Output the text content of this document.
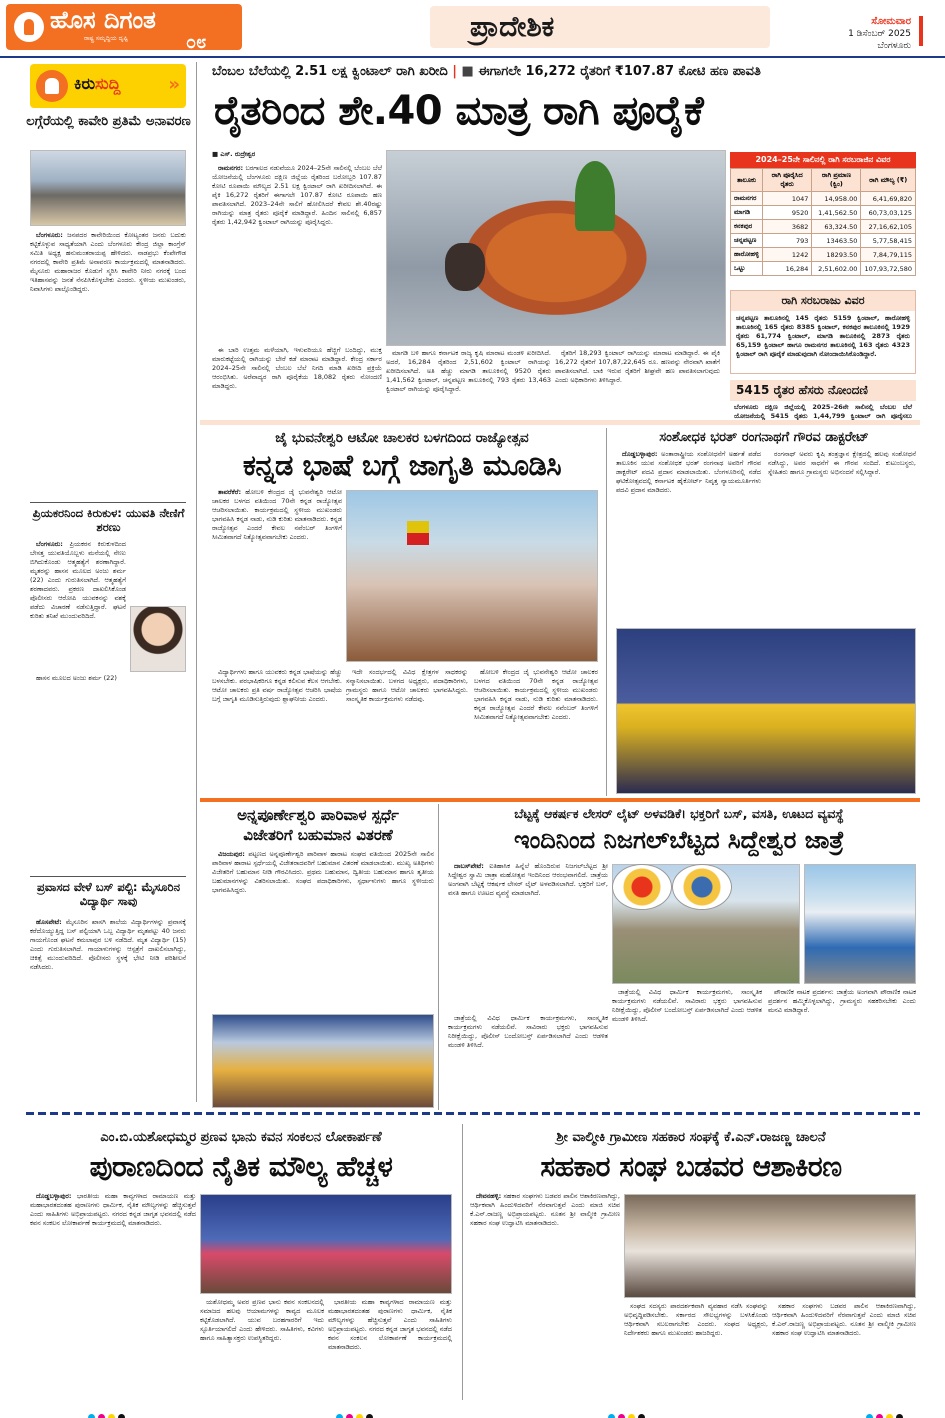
ಹೊಸ ದಿಗಂತ
ರಾಷ್ಟ್ರ ಸಮೃದ್ಧಿಯ ದೃಷ್ಟಿ	೦೮	ಪ್ರಾದೇಶಿಕ	ಸೋಮವಾರ
1 ಡಿಸೆಂಬರ್ 2025
ಬೆಂಗಳೂರು
ಕಿರುಸುದ್ದಿ	»
ಲಗ್ಗೆರೆಯಲ್ಲಿ ಕಾವೇರಿ ಪ್ರತಿಮೆ ಅನಾವರಣ

ಬೆಂಗಳೂರು: ಜನಪದರ ಕಾವೇರಿಯಿಂದ ಕೋಟ್ಯಂತರ ಜನರು ಬದುಕು ಕಟ್ಟಿಕೊಳ್ಳುವ ಸಾಧ್ಯತೆಯಾಗಿ ಎಂದು ಬೆಂಗಳೂರು ಕೇಂದ್ರ ಜಿಲ್ಲಾ ಕಾಂಗ್ರೆಸ್ ಸಮಿತಿ ಅಧ್ಯಕ್ಷ ಹನುಮಂತರಾಯಪ್ಪ ಹೇಳಿದರು. ನಾಡಪ್ರಭು ಕೆಂಪೇಗೌಡ ನಗರದಲ್ಲಿ ಕಾವೇರಿ ಪ್ರತಿಮೆ ಅನಾವರಣ ಕಾರ್ಯಕ್ರಮದಲ್ಲಿ ಮಾತನಾಡಿದರು. ಮೈಸೂರು ಮಹಾರಾಜರ ಕೊಡುಗೆ ಸ್ಮರಿಸಿ ಕಾವೇರಿ ನೀರು ನಗರಕ್ಕೆ ಬಂದ ಇತಿಹಾಸವನ್ನು ಜನತೆ ನೆನಪಿಸಿಕೊಳ್ಳಬೇಕು ಎಂದರು. ಸ್ಥಳೀಯ ಮುಖಂಡರು, ನಿವಾಸಿಗಳು ಪಾಲ್ಗೊಂಡಿದ್ದರು.

ಪ್ರಿಯಕರನಿಂದ ಕಿರುಕುಳ: ಯುವತಿ ನೇಣಿಗೆ ಶರಣು

ಬೆಂಗಳೂರು: ಪ್ರಿಯಕರನ ಕಿರುಕುಳದಿಂದ ಬೇಸತ್ತ ಯುವತಿಯೊಬ್ಬಳು ಮನೆಯಲ್ಲಿ ನೇಣು ಬಿಗಿದುಕೊಂಡು ಆತ್ಮಹತ್ಯೆಗೆ ಶರಣಾಗಿದ್ದಾರೆ. ಮೃತರನ್ನು ಹಾಸನ ಮೂಲದ ಅಂಜು ಶರ್ಮ (22) ಎಂದು ಗುರುತಿಸಲಾಗಿದೆ. ಆತ್ಮಹತ್ಯೆಗೆ ಶರಣಾದವರು. ಪ್ರಕರಣ ದಾಖಲಿಸಿಕೊಂಡ ಪೊಲೀಸರು ಆರೋಪಿ ಯುವಕನನ್ನು ವಶಕ್ಕೆ ಪಡೆದು ವಿಚಾರಣೆ ನಡೆಸುತ್ತಿದ್ದಾರೆ. ಘಟನೆ ಕುರಿತು ತನಿಖೆ ಮುಂದುವರಿದಿದೆ.

ಹಾಸನ ಮೂಲದ ಅಂಜು ಶರ್ಮ (22)

ಪ್ರವಾಸದ ವೇಳೆ ಬಸ್ ಪಲ್ಟಿ: ಮೈಸೂರಿನ ವಿದ್ಯಾರ್ಥಿ ಸಾವು

ಹೊಸಪೇಟೆ: ಮೈಸೂರಿನ ಖಾಸಗಿ ಶಾಲೆಯ ವಿದ್ಯಾರ್ಥಿಗಳನ್ನು ಪ್ರವಾಸಕ್ಕೆ ಕರೆದೊಯ್ಯುತ್ತಿದ್ದ ಬಸ್ ಪಲ್ಟಿಯಾಗಿ ಒಬ್ಬ ವಿದ್ಯಾರ್ಥಿ ಮೃತಪಟ್ಟು 40 ಜನರು ಗಾಯಗೊಂಡ ಘಟನೆ ಕಮಲಾಪುರ ಬಳಿ ನಡೆದಿದೆ. ಮೃತ ವಿದ್ಯಾರ್ಥಿ (15) ಎಂದು ಗುರುತಿಸಲಾಗಿದೆ. ಗಾಯಾಳುಗಳನ್ನು ಆಸ್ಪತ್ರೆಗೆ ದಾಖಲಿಸಲಾಗಿದ್ದು, ಚಿಕಿತ್ಸೆ ಮುಂದುವರಿದಿದೆ. ಪೊಲೀಸರು ಸ್ಥಳಕ್ಕೆ ಭೇಟಿ ನೀಡಿ ಪರಿಶೀಲನೆ ನಡೆಸಿದರು.

ಬೆಂಬಲ ಬೆಲೆಯಲ್ಲಿ 2.51 ಲಕ್ಷ ಕ್ವಿಂಟಾಲ್ ರಾಗಿ ಖರೀದಿ | ■ ಈಗಾಗಲೇ 16,272 ರೈತರಿಗೆ ₹107.87 ಕೋಟಿ ಹಣ ಪಾವತಿ
ರೈತರಿಂದ ಶೇ.40 ಮಾತ್ರ ರಾಗಿ ಪೂರೈಕೆ
■ ಎಸ್. ರುದ್ರೇಶ್ವರ

ರಾಮನಗರ: ಬರಗಾಲದ ನಡುವೆಯೂ 2024–25ನೇ ಸಾಲಿನಲ್ಲಿ ಬೆಂಬಲ ಬೆಲೆ ಯೋಜನೆಯಲ್ಲಿ ಬೆಂಗಳೂರು ದಕ್ಷಿಣ ಜಿಲ್ಲೆಯ ರೈತರಿಂದ ಬರೋಬ್ಬರಿ 107.87 ಕೋಟಿ ರೂಪಾಯಿ ಮೌಲ್ಯದ 2.51 ಲಕ್ಷ ಕ್ವಿಂಟಾಲ್ ರಾಗಿ ಖರೀದಿಸಲಾಗಿದೆ. ಈ ಪೈಕಿ 16,272 ರೈತರಿಗೆ ಈಗಾಗಲೇ 107.87 ಕೋಟಿ ರೂಪಾಯಿ ಹಣ ಪಾವತಿಸಲಾಗಿದೆ. 2023–24ನೇ ಸಾಲಿಗೆ ಹೋಲಿಸಿದರೆ ಕೇವಲ ಶೇ.40ರಷ್ಟು ರಾಗಿಯನ್ನು ಮಾತ್ರ ರೈತರು ಪೂರೈಕೆ ಮಾಡಿದ್ದಾರೆ. ಹಿಂದಿನ ಸಾಲಿನಲ್ಲಿ 6,857 ರೈತರು 1,42,942 ಕ್ವಿಂಟಾಲ್ ರಾಗಿಯನ್ನು ಪೂರೈಸಿದ್ದರು.

ಈ ಬಾರಿ ಉತ್ತಮ ಮಳೆಯಾಗಿ, ಇಳುವರಿಯೂ ಹೆಚ್ಚಿಗೆ ಬಂದಿದ್ದು, ಮುಕ್ತ ಮಾರುಕಟ್ಟೆಯಲ್ಲಿ ರಾಗಿಯನ್ನು ಬೇರೆ ಕಡೆ ಮಾರಾಟ ಮಾಡಿದ್ದಾರೆ. ಕೇಂದ್ರ ಸರ್ಕಾರ 2024–25ನೇ ಸಾಲಿನಲ್ಲಿ ಬೆಂಬಲ ಬೆಲೆ ನಿಗದಿ ಮಾಡಿ ಖರೀದಿ ಪ್ರಕ್ರಿಯೆ ಆರಂಭಿಸಿತು. ಅರೆವಾದ್ಯರ ರಾಗಿ ಪೂರೈಕೆಯ 18,082 ರೈತರು ನೋಂದಣಿ ಮಾಡಿದ್ದರು.

ಮಾಗಡಿ ಬಳಿ ಹಾಗೂ ಕರ್ನಾಟಕ ರಾಜ್ಯ ಕೃಷಿ ಮಾರಾಟ ಮಂಡಳಿ ಖರೀದಿಸಿದೆ. ಅದರೆ, 16,284 ರೈತರಿಂದ 2,51,602 ಕ್ವಿಂಟಾಲ್ ರಾಗಿಯನ್ನು ಖರೀದಿಸಲಾಗಿದೆ. ಅತಿ ಹೆಚ್ಚು ಮಾಗಡಿ ತಾಲೂಕಿನಲ್ಲಿ 9520 ರೈತರು 1,41,562 ಕ್ವಿಂಟಾಲ್, ಚನ್ನಪಟ್ಟಣ ತಾಲೂಕಿನಲ್ಲಿ 793 ರೈತರು 13,463 ಕ್ವಿಂಟಾಲ್ ರಾಗಿಯನ್ನು ಪೂರೈಸಿದ್ದಾರೆ.

ರೈತರಿಗೆ 18,293 ಕ್ವಿಂಟಾಲ್ ರಾಗಿಯನ್ನು ಮಾರಾಟ ಮಾಡಿದ್ದಾರೆ. ಈ ಪೈಕಿ 16,272 ರೈತರಿಗೆ 107,87,22,645 ರೂ. ಹಣವನ್ನು ನೇರವಾಗಿ ಖಾತೆಗೆ ಪಾವತಿಸಲಾಗಿದೆ. ಬಾಕಿ ಇರುವ ರೈತರಿಗೆ ಶೀಘ್ರವೇ ಹಣ ಪಾವತಿಸಲಾಗುವುದು ಎಂದು ಅಧಿಕಾರಿಗಳು ತಿಳಿಸಿದ್ದಾರೆ.

2024–25ನೇ ಸಾಲಿನಲ್ಲಿ ರಾಗಿ ಸರಬರಾಜಿನ ವಿವರ
ತಾಲೂಕು	ರಾಗಿ ಪೂರೈಸಿದ ರೈತರು	ರಾಗಿ ಪ್ರಮಾಣ (ಕ್ವಿಂ)	ರಾಗಿ ಮೌಲ್ಯ (₹)
ರಾಮನಗರ	1047	14,958.00	6,41,69,820
ಮಾಗಡಿ	9520	1,41,562.50	60,73,03,125
ಕನಕಪುರ	3682	63,324.50	27,16,62,105
ಚನ್ನಪಟ್ಟಣ	793	13463.50	5,77,58,415
ಹಾರೋಹಳ್ಳಿ	1242	18293.50	7,84,79,115
ಒಟ್ಟು	16,284	2,51,602.00	107,93,72,580
ರಾಗಿ ಸರಬರಾಜು ವಿವರ
ಚನ್ನಪಟ್ಟಣ ತಾಲೂಕಿನಲ್ಲಿ 145 ರೈತರು 5159 ಕ್ವಿಂಟಾಲ್, ಹಾರೋಹಳ್ಳಿ ತಾಲೂಕಿನಲ್ಲಿ 165 ರೈತರು 8385 ಕ್ವಿಂಟಾಲ್, ಕನಕಪುರ ತಾಲೂಕಿನಲ್ಲಿ 1929 ರೈತರು 61,774 ಕ್ವಿಂಟಾಲ್, ಮಾಗಡಿ ತಾಲೂಕಿನಲ್ಲಿ 2873 ರೈತರು 65,159 ಕ್ವಿಂಟಾಲ್ ಹಾಗೂ ರಾಮನಗರ ತಾಲೂಕಿನಲ್ಲಿ 163 ರೈತರು 4323 ಕ್ವಿಂಟಾಲ್ ರಾಗಿ ಪೂರೈಕೆ ಮಾಡುವುದಾಗಿ ನೋಂದಾಯಿಸಿಕೊಂಡಿದ್ದಾರೆ.
5415 ರೈತರ ಹೆಸರು ನೋಂದಣಿ
ಬೆಂಗಳೂರು ದಕ್ಷಿಣ ಜಿಲ್ಲೆಯಲ್ಲಿ 2025–26ನೇ ಸಾಲಿನಲ್ಲಿ ಬೆಂಬಲ ಬೆಲೆ ಯೋಜನೆಯಲ್ಲಿ 5415 ರೈತರು 1,44,799 ಕ್ವಿಂಟಾಲ್ ರಾಗಿ ಪೂರೈಸಲು
ಜೈ ಭುವನೇಶ್ವರಿ ಆಟೋ ಚಾಲಕರ ಬಳಗದಿಂದ ರಾಜ್ಯೋತ್ಸವ
ಕನ್ನಡ ಭಾಷೆ ಬಗ್ಗೆ ಜಾಗೃತಿ ಮೂಡಿಸಿ

ತಾವರೆಕೆರೆ: ಹೋಬಳಿ ಕೇಂದ್ರದ ಜೈ ಭುವನೇಶ್ವರಿ ಆಟೋ ಚಾಲಕರ ಬಳಗದ ವತಿಯಿಂದ 70ನೇ ಕನ್ನಡ ರಾಜ್ಯೋತ್ಸವ ಆಚರಿಸಲಾಯಿತು. ಕಾರ್ಯಕ್ರಮದಲ್ಲಿ ಸ್ಥಳೀಯ ಮುಖಂಡರು ಭಾಗವಹಿಸಿ ಕನ್ನಡ ನಾಡು, ನುಡಿ ಕುರಿತು ಮಾತನಾಡಿದರು. ಕನ್ನಡ ರಾಜ್ಯೋತ್ಸವ ಎಂದರೆ ಕೇವಲ ನವೆಂಬರ್ ತಿಂಗಳಿಗೆ ಸೀಮಿತವಾಗದೆ ನಿತ್ಯೋತ್ಸವವಾಗಬೇಕು ಎಂದರು.

ವಿದ್ಯಾರ್ಥಿಗಳು ಹಾಗೂ ಯುವಕರು ಕನ್ನಡ ಭಾಷೆಯನ್ನು ಹೆಚ್ಚು ಬಳಸಬೇಕು. ಪರಭಾಷಿಕರಿಗೂ ಕನ್ನಡ ಕಲಿಸುವ ಕೆಲಸ ಆಗಬೇಕು. ಆಟೋ ಚಾಲಕರು ಪ್ರತಿ ವರ್ಷ ರಾಜ್ಯೋತ್ಸವ ಆಚರಿಸಿ ಭಾಷೆಯ ಬಗ್ಗೆ ಜಾಗೃತಿ ಮೂಡಿಸುತ್ತಿರುವುದು ಶ್ಲಾಘನೀಯ ಎಂದರು.

ಇದೇ ಸಂದರ್ಭದಲ್ಲಿ ವಿವಿಧ ಕ್ಷೇತ್ರಗಳ ಸಾಧಕರನ್ನು ಸನ್ಮಾನಿಸಲಾಯಿತು. ಬಳಗದ ಅಧ್ಯಕ್ಷರು, ಪದಾಧಿಕಾರಿಗಳು, ಗ್ರಾಮಸ್ಥರು ಹಾಗೂ ಆಟೋ ಚಾಲಕರು ಭಾಗವಹಿಸಿದ್ದರು. ಸಾಂಸ್ಕೃತಿಕ ಕಾರ್ಯಕ್ರಮಗಳು ನಡೆದವು.

ಹೋಬಳಿ ಕೇಂದ್ರದ ಜೈ ಭುವನೇಶ್ವರಿ ಆಟೋ ಚಾಲಕರ ಬಳಗದ ವತಿಯಿಂದ 70ನೇ ಕನ್ನಡ ರಾಜ್ಯೋತ್ಸವ ಆಚರಿಸಲಾಯಿತು. ಕಾರ್ಯಕ್ರಮದಲ್ಲಿ ಸ್ಥಳೀಯ ಮುಖಂಡರು ಭಾಗವಹಿಸಿ ಕನ್ನಡ ನಾಡು, ನುಡಿ ಕುರಿತು ಮಾತನಾಡಿದರು. ಕನ್ನಡ ರಾಜ್ಯೋತ್ಸವ ಎಂದರೆ ಕೇವಲ ನವೆಂಬರ್ ತಿಂಗಳಿಗೆ ಸೀಮಿತವಾಗದೆ ನಿತ್ಯೋತ್ಸವವಾಗಬೇಕು ಎಂದರು.

ಸಂಶೋಧಕ ಭರತ್ ರಂಗನಾಥಗೆ ಗೌರವ ಡಾಕ್ಟರೇಟ್

ದೊಡ್ಡಬಳ್ಳಾಪುರ: ಅಂತಾರಾಷ್ಟ್ರೀಯ ಸಂಶೋಧನೆಗೆ ಅರ್ಹತೆ ಪಡೆದ ತಾಲೂಕಿನ ಯುವ ಸಂಶೋಧಕ ಭರತ್ ರಂಗನಾಥ ಅವರಿಗೆ ಗೌರವ ಡಾಕ್ಟರೇಟ್ ಪದವಿ ಪ್ರದಾನ ಮಾಡಲಾಯಿತು. ಬೆಂಗಳೂರಿನಲ್ಲಿ ನಡೆದ ಘಟಿಕೋತ್ಸವದಲ್ಲಿ ಕರ್ನಾಟಕ ಹೈಕೋರ್ಟ್ ನಿವೃತ್ತ ನ್ಯಾಯಮೂರ್ತಿಗಳು ಪದವಿ ಪ್ರದಾನ ಮಾಡಿದರು.

ರಂಗನಾಥ್ ಅವರು ಕೃಷಿ ತಂತ್ರಜ್ಞಾನ ಕ್ಷೇತ್ರದಲ್ಲಿ ಹಲವು ಸಂಶೋಧನೆ ನಡೆಸಿದ್ದು, ಅವರ ಸಾಧನೆಗೆ ಈ ಗೌರವ ಸಂದಿದೆ. ಕುಟುಂಬಸ್ಥರು, ಸ್ನೇಹಿತರು ಹಾಗೂ ಗ್ರಾಮಸ್ಥರು ಅಭಿನಂದನೆ ಸಲ್ಲಿಸಿದ್ದಾರೆ.

ಅನ್ನಪೂರ್ಣೇಶ್ವರಿ ಪಾರಿವಾಳ ಸ್ಪರ್ಧೆ
ವಿಜೇತರಿಗೆ ಬಹುಮಾನ ವಿತರಣೆ

ವಿಜಯಪುರ: ಪಟ್ಟಣದ ಅನ್ನಪೂರ್ಣೇಶ್ವರಿ ಪಾರಿವಾಳ ಹಾರಾಟ ಸಂಘದ ವತಿಯಿಂದ 2025ನೇ ಸಾಲಿನ ಪಾರಿವಾಳ ಹಾರಾಟ ಸ್ಪರ್ಧೆಯಲ್ಲಿ ವಿಜೇತರಾದವರಿಗೆ ಬಹುಮಾನ ವಿತರಣೆ ಮಾಡಲಾಯಿತು. ಮುಖ್ಯ ಅತಿಥಿಗಳು ವಿಜೇತರಿಗೆ ಬಹುಮಾನ ನೀಡಿ ಗೌರವಿಸಿದರು. ಪ್ರಥಮ ಬಹುಮಾನ, ದ್ವಿತೀಯ ಬಹುಮಾನ ಹಾಗೂ ತೃತೀಯ ಬಹುಮಾನಗಳನ್ನು ವಿತರಿಸಲಾಯಿತು. ಸಂಘದ ಪದಾಧಿಕಾರಿಗಳು, ಸ್ಪರ್ಧಾಳುಗಳು ಹಾಗೂ ಸ್ಥಳೀಯರು ಭಾಗವಹಿಸಿದ್ದರು.

ಬೆಟ್ಟಕ್ಕೆ ಆಕರ್ಷಕ ಲೇಸರ್ ಲೈಟ್ ಅಳವಡಿಕೆ। ಭಕ್ತರಿಗೆ ಬಸ್, ವಸತಿ, ಊಟದ ವ್ಯವಸ್ಥೆ
ಇಂದಿನಿಂದ ನಿಜಗಲ್‌ಬೆಟ್ಟದ ಸಿದ್ದೇಶ್ವರ ಜಾತ್ರೆ

ದಾಬಸ್‌ಪೇಟೆ: ಐತಿಹಾಸಿಕ ಹಿನ್ನೆಲೆ ಹೊಂದಿರುವ ನಿಜಗಲ್‌ಬೆಟ್ಟದ ಶ್ರೀ ಸಿದ್ದೇಶ್ವರ ಸ್ವಾಮಿ ಜಾತ್ರಾ ಮಹೋತ್ಸವ ಇಂದಿನಿಂದ ಆರಂಭವಾಗಲಿದೆ. ಜಾತ್ರೆಯ ಅಂಗವಾಗಿ ಬೆಟ್ಟಕ್ಕೆ ಆಕರ್ಷಕ ಲೇಸರ್ ಲೈಟ್ ಅಳವಡಿಸಲಾಗಿದೆ. ಭಕ್ತರಿಗೆ ಬಸ್, ವಸತಿ ಹಾಗೂ ಊಟದ ವ್ಯವಸ್ಥೆ ಮಾಡಲಾಗಿದೆ.

ಜಾತ್ರೆಯಲ್ಲಿ ವಿವಿಧ ಧಾರ್ಮಿಕ ಕಾರ್ಯಕ್ರಮಗಳು, ಸಾಂಸ್ಕೃತಿಕ ಕಾರ್ಯಕ್ರಮಗಳು ನಡೆಯಲಿವೆ. ಸಾವಿರಾರು ಭಕ್ತರು ಭಾಗವಹಿಸುವ ನಿರೀಕ್ಷೆಯಿದ್ದು, ಪೊಲೀಸ್ ಬಂದೋಬಸ್ತ್ ಏರ್ಪಡಿಸಲಾಗಿದೆ ಎಂದು ಆಡಳಿತ ಮಂಡಳಿ ತಿಳಿಸಿದೆ.

ಪೌರಾಣಿಕ ನಾಟಕ ಪ್ರದರ್ಶನ: ಜಾತ್ರೆಯ ಅಂಗವಾಗಿ ಪೌರಾಣಿಕ ನಾಟಕ ಪ್ರದರ್ಶನ ಹಮ್ಮಿಕೊಳ್ಳಲಾಗಿದ್ದು, ಗ್ರಾಮಸ್ಥರು ಸಹಕರಿಸಬೇಕು ಎಂದು ಮನವಿ ಮಾಡಿದ್ದಾರೆ.

ಜಾತ್ರೆಯಲ್ಲಿ ವಿವಿಧ ಧಾರ್ಮಿಕ ಕಾರ್ಯಕ್ರಮಗಳು, ಸಾಂಸ್ಕೃತಿಕ ಕಾರ್ಯಕ್ರಮಗಳು ನಡೆಯಲಿವೆ. ಸಾವಿರಾರು ಭಕ್ತರು ಭಾಗವಹಿಸುವ ನಿರೀಕ್ಷೆಯಿದ್ದು, ಪೊಲೀಸ್ ಬಂದೋಬಸ್ತ್ ಏರ್ಪಡಿಸಲಾಗಿದೆ ಎಂದು ಆಡಳಿತ ಮಂಡಳಿ ತಿಳಿಸಿದೆ.

ಎಂ.ಬಿ.ಯಶೋಧಮ್ಮರ ಪ್ರಣವ ಭಾನು ಕವನ ಸಂಕಲನ ಲೋಕಾರ್ಪಣೆ
ಪುರಾಣದಿಂದ ನೈತಿಕ ಮೌಲ್ಯ ಹೆಚ್ಚಳ

ದೊಡ್ಡಬಳ್ಳಾಪುರ: ಭಾರತೀಯ ಮಹಾ ಕಾವ್ಯಗಳಾದ ರಾಮಾಯಣ ಮತ್ತು ಮಹಾಭಾರತದಂತಹ ಪುರಾಣಗಳು ಧಾರ್ಮಿಕ, ನೈತಿಕ ಮೌಲ್ಯಗಳನ್ನು ಹೆಚ್ಚಿಸುತ್ತವೆ ಎಂದು ಸಾಹಿತಿಗಳು ಅಭಿಪ್ರಾಯಪಟ್ಟರು. ನಗರದ ಕನ್ನಡ ಜಾಗೃತ ಭವನದಲ್ಲಿ ನಡೆದ ಕವನ ಸಂಕಲನ ಲೋಕಾರ್ಪಣೆ ಕಾರ್ಯಕ್ರಮದಲ್ಲಿ ಮಾತನಾಡಿದರು.

ಯಶೋಧಮ್ಮ ಅವರ ಪ್ರಣವ ಭಾನು ಕವನ ಸಂಕಲನದಲ್ಲಿ ಸಮಾಜದ ಹಲವು ಆಯಾಮಗಳನ್ನು ಕಾವ್ಯದ ಮೂಲಕ ಕಟ್ಟಿಕೊಡಲಾಗಿದೆ. ಯುವ ಬರಹಗಾರರಿಗೆ ಇದು ಸ್ಫೂರ್ತಿಯಾಗಲಿದೆ ಎಂದು ಹೇಳಿದರು. ಸಾಹಿತಿಗಳು, ಕವಿಗಳು ಹಾಗೂ ಸಾಹಿತ್ಯಾಸಕ್ತರು ಉಪಸ್ಥಿತರಿದ್ದರು.

ಭಾರತೀಯ ಮಹಾ ಕಾವ್ಯಗಳಾದ ರಾಮಾಯಣ ಮತ್ತು ಮಹಾಭಾರತದಂತಹ ಪುರಾಣಗಳು ಧಾರ್ಮಿಕ, ನೈತಿಕ ಮೌಲ್ಯಗಳನ್ನು ಹೆಚ್ಚಿಸುತ್ತವೆ ಎಂದು ಸಾಹಿತಿಗಳು ಅಭಿಪ್ರಾಯಪಟ್ಟರು. ನಗರದ ಕನ್ನಡ ಜಾಗೃತ ಭವನದಲ್ಲಿ ನಡೆದ ಕವನ ಸಂಕಲನ ಲೋಕಾರ್ಪಣೆ ಕಾರ್ಯಕ್ರಮದಲ್ಲಿ ಮಾತನಾಡಿದರು.

ಶ್ರೀ ವಾಲ್ಮೀಕಿ ಗ್ರಾಮೀಣ ಸಹಕಾರ ಸಂಘಕ್ಕೆ ಕೆ.ಎನ್.ರಾಜಣ್ಣ ಚಾಲನೆ
ಸಹಕಾರ ಸಂಘ ಬಡವರ ಆಶಾಕಿರಣ

ದೇವನಹಳ್ಳಿ: ಸಹಕಾರ ಸಂಘಗಳು ಬಡವರ ಪಾಲಿನ ಆಶಾಕಿರಣವಾಗಿದ್ದು, ಆರ್ಥಿಕವಾಗಿ ಹಿಂದುಳಿದವರಿಗೆ ನೆರವಾಗುತ್ತವೆ ಎಂದು ಮಾಜಿ ಸಚಿವ ಕೆ.ಎನ್.ರಾಜಣ್ಣ ಅಭಿಪ್ರಾಯಪಟ್ಟರು. ನೂತನ ಶ್ರೀ ವಾಲ್ಮೀಕಿ ಗ್ರಾಮೀಣ ಸಹಕಾರ ಸಂಘ ಉದ್ಘಾಟಿಸಿ ಮಾತನಾಡಿದರು.

ಸಂಘದ ಸದಸ್ಯರು ಪಾರದರ್ಶಕವಾಗಿ ವ್ಯವಹಾರ ನಡೆಸಿ ಸಂಘವನ್ನು ಅಭಿವೃದ್ಧಿಪಡಿಸಬೇಕು. ಸರ್ಕಾರದ ಸೌಲಭ್ಯಗಳನ್ನು ಬಳಸಿಕೊಂಡು ಆರ್ಥಿಕವಾಗಿ ಸಬಲರಾಗಬೇಕು ಎಂದರು. ಸಂಘದ ಅಧ್ಯಕ್ಷರು, ನಿರ್ದೇಶಕರು ಹಾಗೂ ಮುಖಂಡರು ಹಾಜರಿದ್ದರು.

ಸಹಕಾರ ಸಂಘಗಳು ಬಡವರ ಪಾಲಿನ ಆಶಾಕಿರಣವಾಗಿದ್ದು, ಆರ್ಥಿಕವಾಗಿ ಹಿಂದುಳಿದವರಿಗೆ ನೆರವಾಗುತ್ತವೆ ಎಂದು ಮಾಜಿ ಸಚಿವ ಕೆ.ಎನ್.ರಾಜಣ್ಣ ಅಭಿಪ್ರಾಯಪಟ್ಟರು. ನೂತನ ಶ್ರೀ ವಾಲ್ಮೀಕಿ ಗ್ರಾಮೀಣ ಸಹಕಾರ ಸಂಘ ಉದ್ಘಾಟಿಸಿ ಮಾತನಾಡಿದರು.
